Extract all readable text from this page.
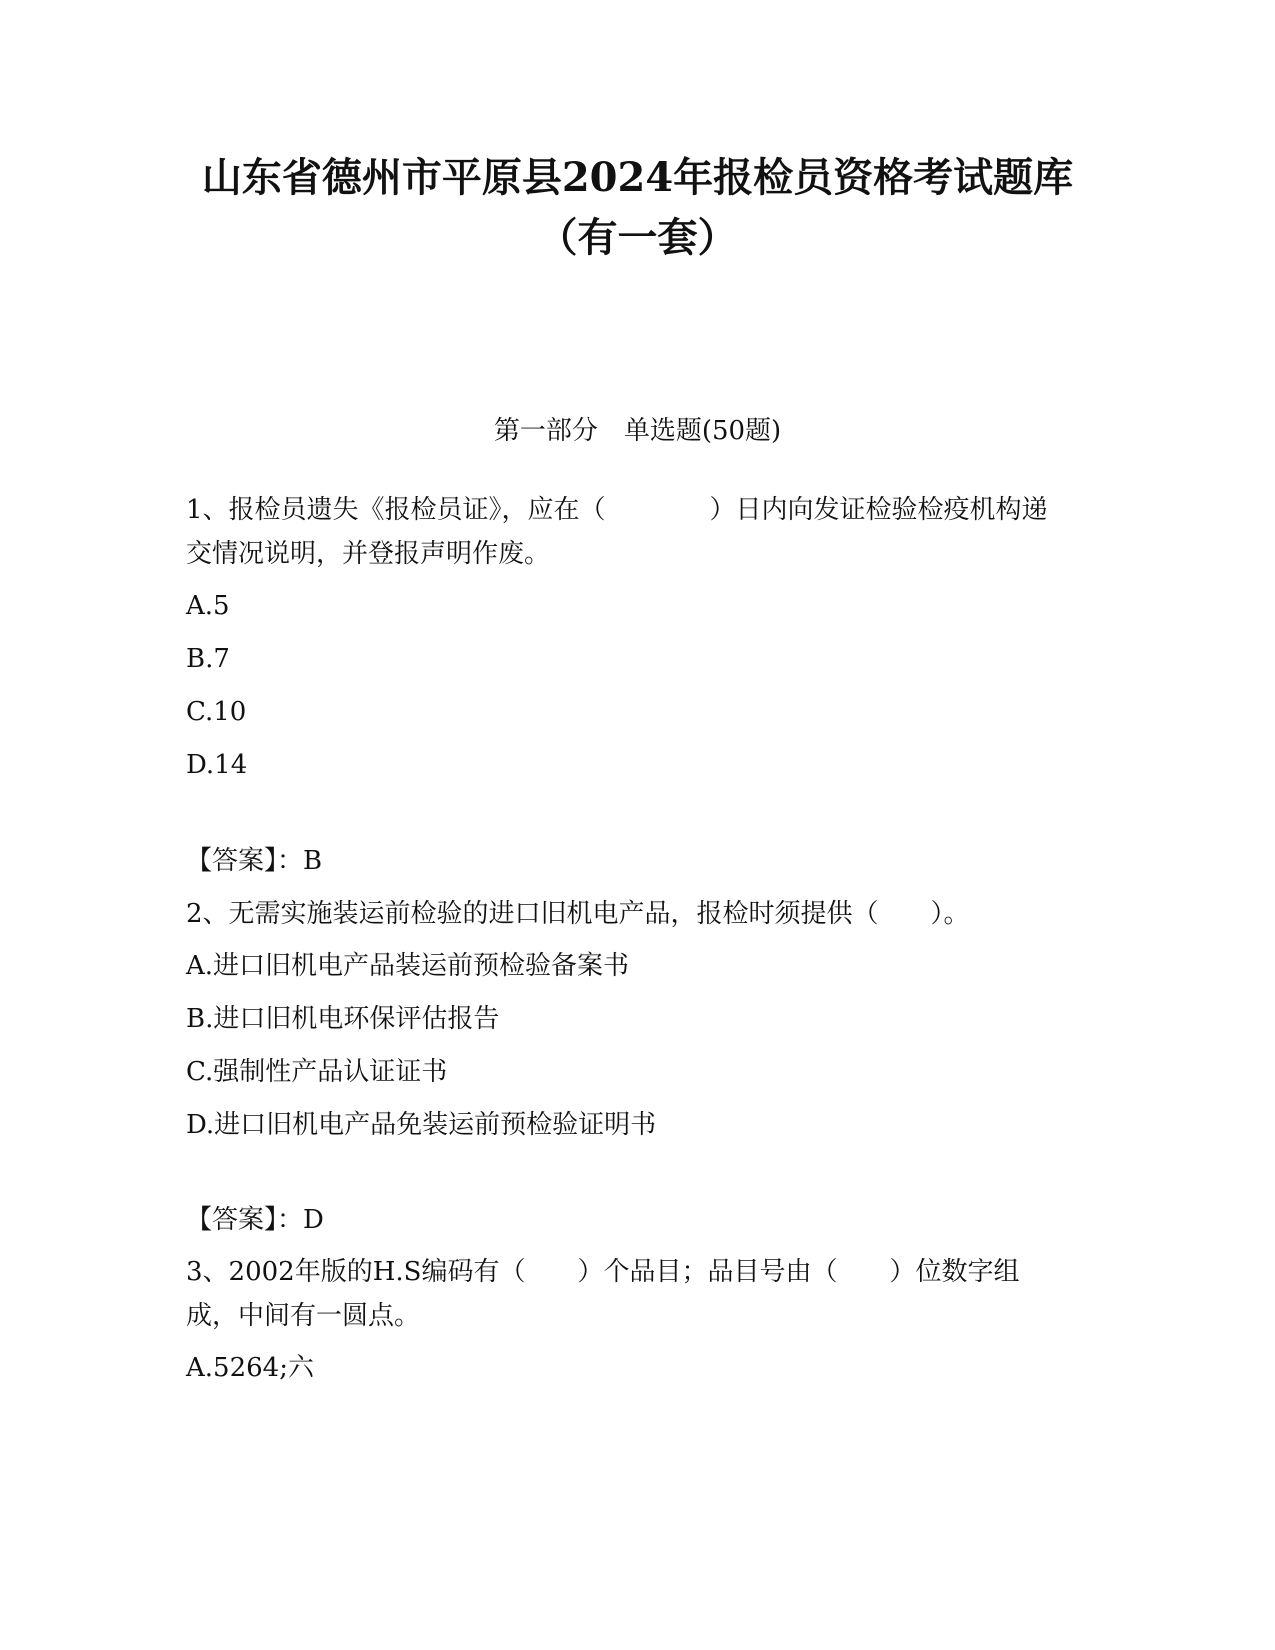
山东省德州市平原县2024年报检员资格考试题库
（有一套）
第一部分　单选题(50题)
1、报检员遗失《报检员证》，应在（　　　　）日内向发证检验检疫机构递交情况说明，并登报声明作废。
A.5
B.7
C.10
D.14
【答案】：B
2、无需实施装运前检验的进口旧机电产品，报检时须提供（　　）。
A.进口旧机电产品装运前预检验备案书
B.进口旧机电环保评估报告
C.强制性产品认证证书
D.进口旧机电产品免装运前预检验证明书
【答案】：D
3、2002年版的H.S编码有（　　）个品目；品目号由（　　）位数字组成，中间有一圆点。
A.5264;六
